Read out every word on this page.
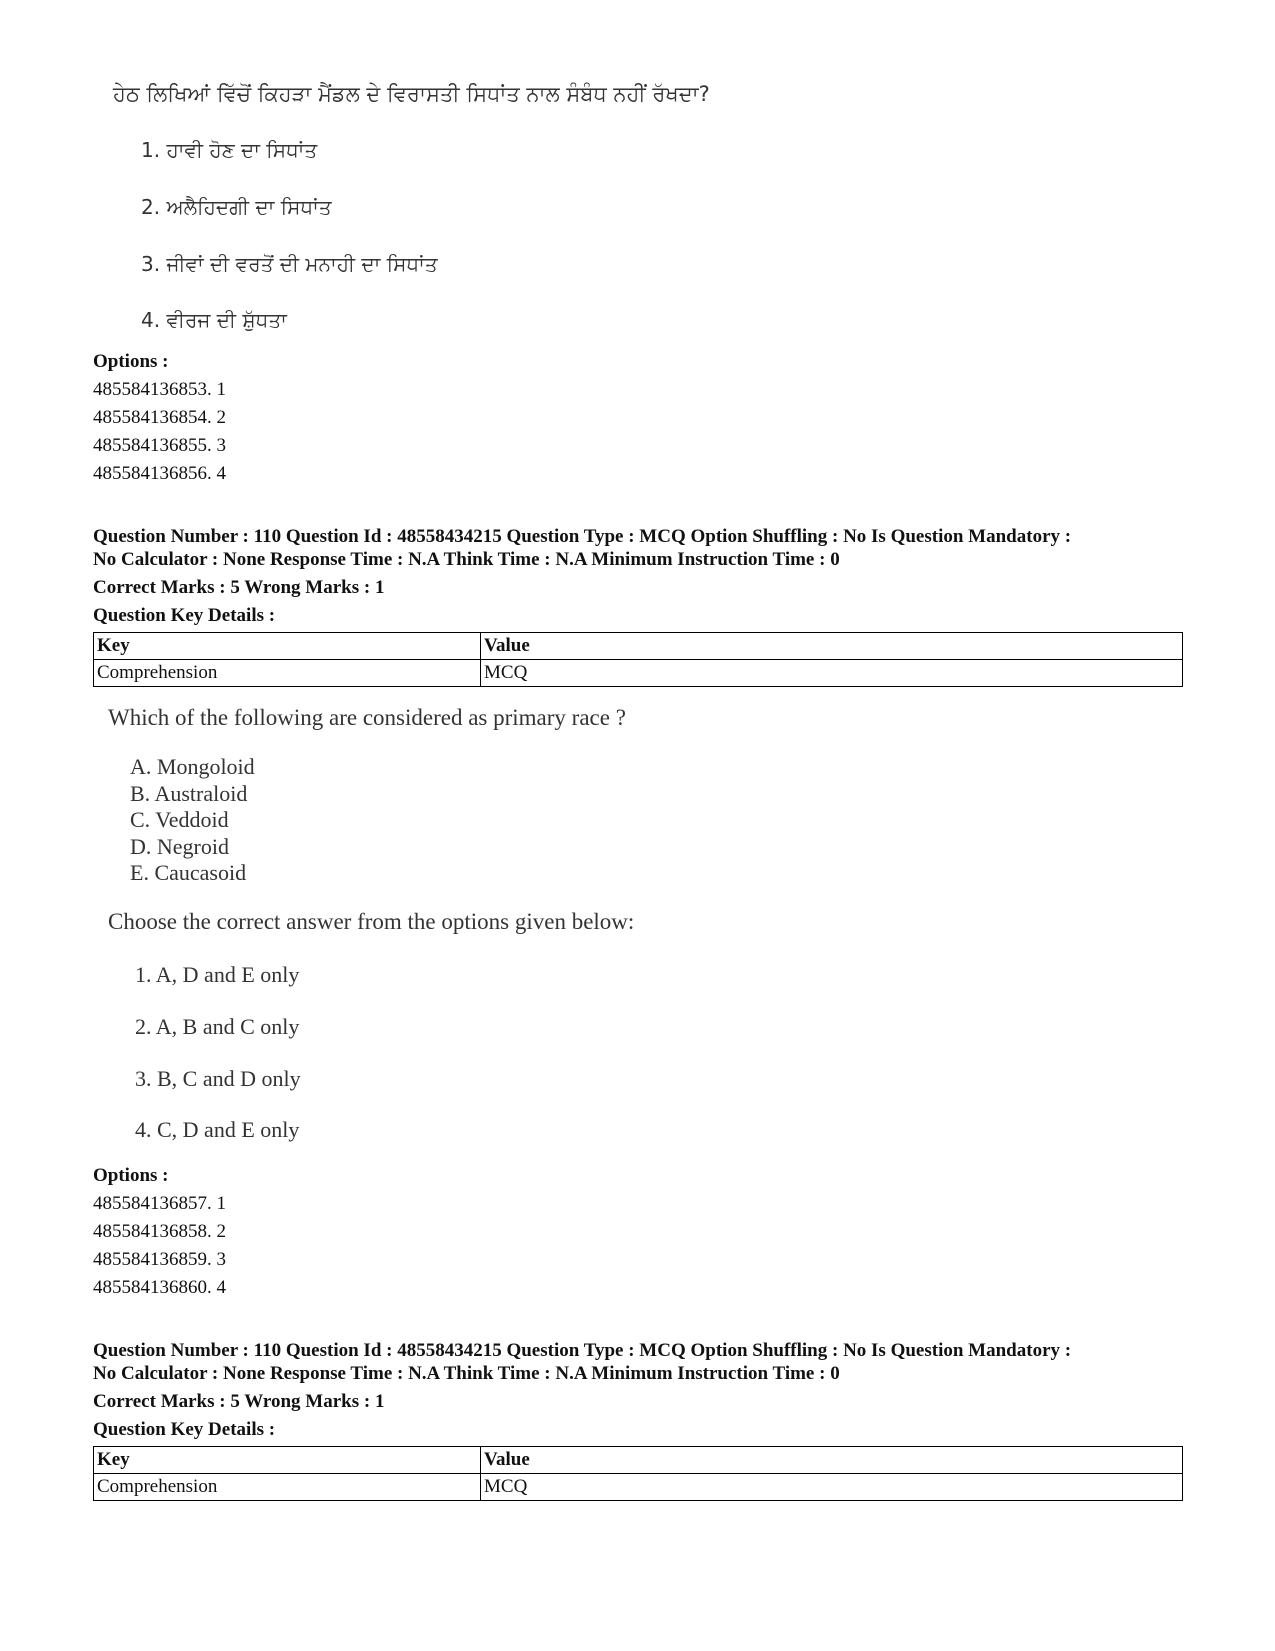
ਹੇਠ ਲਿਖਿਆਂ ਵਿੱਚੋਂ ਕਿਹੜਾ ਮੈਂਡਲ ਦੇ ਵਿਰਾਸਤੀ ਸਿਧਾਂਤ ਨਾਲ ਸੰਬੰਧ ਨਹੀਂ ਰੱਖਦਾ?
1. ਹਾਵੀ ਹੋਣ ਦਾ ਸਿਧਾਂਤ
2. ਅਲੈਹਿਦਗੀ ਦਾ ਸਿਧਾਂਤ
3. ਜੀਵਾਂ ਦੀ ਵਰਤੋਂ ਦੀ ਮਨਾਹੀ ਦਾ ਸਿਧਾਂਤ
4. ਵੀਰਜ ਦੀ ਸ਼ੁੱਧਤਾ
Options :
485584136853. 1
485584136854. 2
485584136855. 3
485584136856. 4
Question Number : 110 Question Id : 48558434215 Question Type : MCQ Option Shuffling : No Is Question Mandatory :
No Calculator : None Response Time : N.A Think Time : N.A Minimum Instruction Time : 0
Correct Marks : 5 Wrong Marks : 1
Question Key Details :
Key	Value
Comprehension	MCQ
Which of the following are considered as primary race ?
A. Mongoloid
B. Australoid
C. Veddoid
D. Negroid
E. Caucasoid
Choose the correct answer from the options given below:
1. A, D and E only
2. A, B and C only
3. B, C and D only
4. C, D and E only
Options :
485584136857. 1
485584136858. 2
485584136859. 3
485584136860. 4
Question Number : 110 Question Id : 48558434215 Question Type : MCQ Option Shuffling : No Is Question Mandatory :
No Calculator : None Response Time : N.A Think Time : N.A Minimum Instruction Time : 0
Correct Marks : 5 Wrong Marks : 1
Question Key Details :
Key	Value
Comprehension	MCQ
